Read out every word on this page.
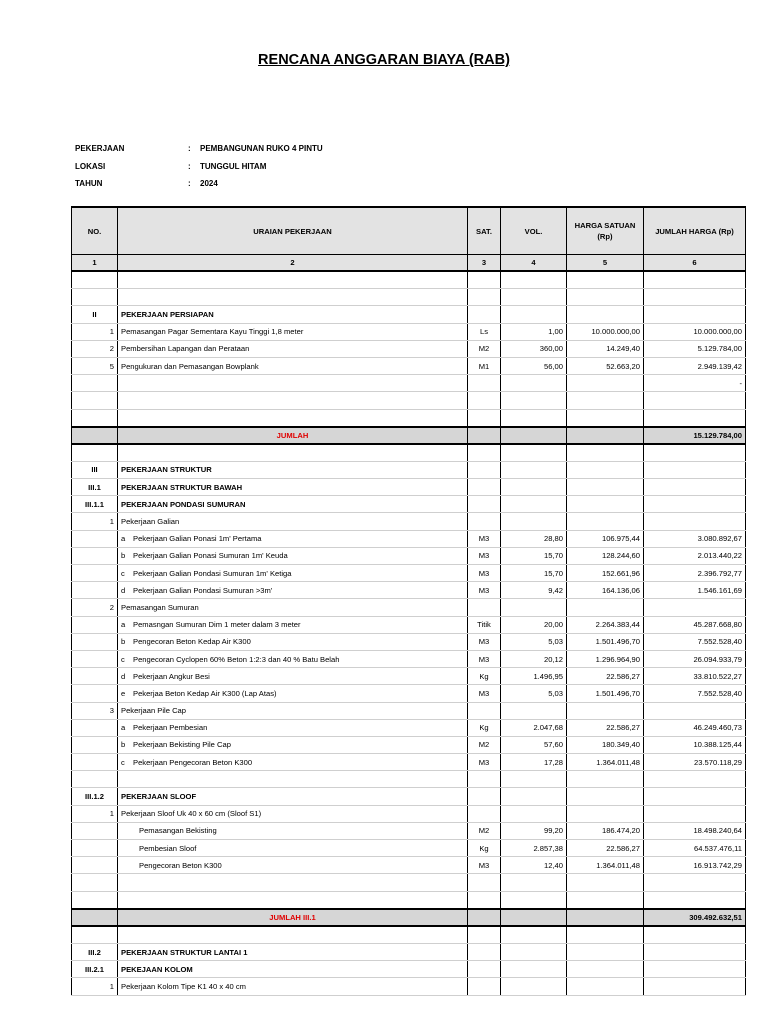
RENCANA ANGGARAN BIAYA (RAB)
PEKERJAAN	: PEMBANGUNAN RUKO 4 PINTU
LOKASI	: TUNGGUL HITAM
TAHUN	: 2024
NO.	URAIAN PEKERJAAN	SAT.	VOL.	HARGA SATUAN (Rp)	JUMLAH HARGA (Rp)
1	2	3	4	5	6

II	PEKERJAAN PERSIAPAN				
1	Pemasangan Pagar Sementara Kayu Tinggi 1,8 meter	Ls	1,00	10.000.000,00	10.000.000,00
2	Pembersihan Lapangan dan Perataan	M2	360,00	14.249,40	5.129.784,00
5	Pengukuran dan Pemasangan Bowplank	M1	56,00	52.663,20	2.949.139,42
					-

	JUMLAH				15.129.784,00

III	PEKERJAAN STRUKTUR				
III.1	PEKERJAAN STRUKTUR BAWAH				
III.1.1	PEKERJAAN PONDASI SUMURAN				
1	Pekerjaan Galian				
	a Pekerjaan Galian Ponasi 1m' Pertama	M3	28,80	106.975,44	3.080.892,67
	b Pekerjaan Galian Ponasi Sumuran 1m' Keuda	M3	15,70	128.244,60	2.013.440,22
	c Pekerjaan Galian Pondasi Sumuran 1m' Ketiga	M3	15,70	152.661,96	2.396.792,77
	d Pekerjaan Galian Pondasi Sumuran >3m'	M3	9,42	164.136,06	1.546.161,69
2	Pemasangan Sumuran				
	a Pemasngan Sumuran Dim 1 meter dalam 3 meter	Titik	20,00	2.264.383,44	45.287.668,80
	b Pengecoran Beton Kedap Air K300	M3	5,03	1.501.496,70	7.552.528,40
	c Pengecoran Cyclopen 60% Beton 1:2:3 dan 40 % Batu Belah	M3	20,12	1.296.964,90	26.094.933,79
	d Pekerjaan Angkur Besi	Kg	1.496,95	22.586,27	33.810.522,27
	e Pekerjaa Beton Kedap Air K300 (Lap Atas)	M3	5,03	1.501.496,70	7.552.528,40
3	Pekerjaan Pile Cap				
	a Pekerjaan Pembesian	Kg	2.047,68	22.586,27	46.249.460,73
	b Pekerjaan Bekisting Pile Cap	M2	57,60	180.349,40	10.388.125,44
	c Pekerjaan Pengecoran Beton K300	M3	17,28	1.364.011,48	23.570.118,29

III.1.2	PEKERJAAN SLOOF				
1	Pekerjaan Sloof Uk 40 x 60 cm (Sloof S1)				
	Pemasangan Bekisting	M2	99,20	186.474,20	18.498.240,64
	Pembesian Sloof	Kg	2.857,38	22.586,27	64.537.476,11
	Pengecoran Beton K300	M3	12,40	1.364.011,48	16.913.742,29

	JUMLAH III.1				309.492.632,51

III.2	PEKERJAAN STRUKTUR LANTAI 1				
III.2.1	PEKEJAAN KOLOM				
1	Pekerjaan Kolom Tipe K1 40 x 40 cm				
